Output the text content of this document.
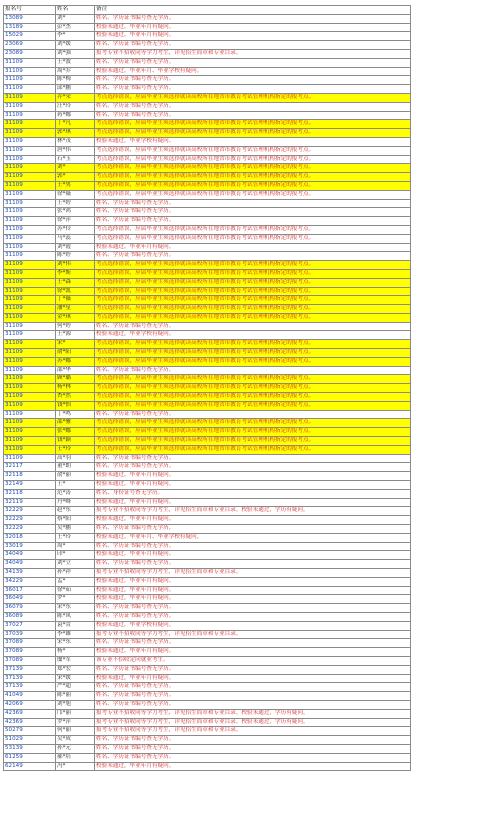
报名号	姓名	备注
13089	刘*	姓名、学历证书编号查无学历。
13189	彭*杰	校验未通过，毕业年月有疑问。
15029	李*	校验未通过，毕业年月有疑问。
23069	刘*媛	姓名、学历证书编号查无学历。
23089	刘*强	报考专业不招收同等学力考生，详见招生简章和专业目录。
31109	王*波	姓名、学历证书编号查无学历。
31109	周*乔	校验未通过，毕业年月、毕业学校有疑问。
31109	陈*梅	姓名、学历证书编号查无学历。
31109	邱*鹏	姓名、学历证书编号查无学历。
31109	乔*荣	考点选择错误，应届毕业生须选择就读高校所在地省市教育考试管理机构指定的报考点。
31109	汪*玲	姓名、学历证书编号查无学历。
31109	蒋*娜	姓名、学历证书编号查无学历。
31109	丁*凡	考点选择错误，应届毕业生须选择就读高校所在地省市教育考试管理机构指定的报考点。
31109	郭*琪	考点选择错误，应届毕业生须选择就读高校所在地省市教育考试管理机构指定的报考点。
31109	林*茂	校验未通过，毕业学校有疑问。
31109	唐*伟	考点选择错误，应届毕业生须选择就读高校所在地省市教育考试管理机构指定的报考点。
31109	石*玉	考点选择错误，应届毕业生须选择就读高校所在地省市教育考试管理机构指定的报考点。
31109	刘*	考点选择错误，应届毕业生须选择就读高校所在地省市教育考试管理机构指定的报考点。
31109	郭*	考点选择错误，应届毕业生须选择就读高校所在地省市教育考试管理机构指定的报考点。
31109	王*男	考点选择错误，应届毕业生须选择就读高校所在地省市教育考试管理机构指定的报考点。
31109	徐*薇	考点选择错误，应届毕业生须选择就读高校所在地省市教育考试管理机构指定的报考点。
31109	王*婷	姓名、学历证书编号查无学历。
31109	张*鸿	姓名、学历证书编号查无学历。
31109	徐*萍	姓名、学历证书编号查无学历。
31109	苏*伶	考点选择错误，应届毕业生须选择就读高校所在地省市教育考试管理机构指定的报考点。
31109	马*蕊	考点选择错误，应届毕业生须选择就读高校所在地省市教育考试管理机构指定的报考点。
31109	刘*霞	校验未通过，毕业年月有疑问。
31109	陈*婷	姓名、学历证书编号查无学历。
31109	刘*伟	考点选择错误，应届毕业生须选择就读高校所在地省市教育考试管理机构指定的报考点。
31109	李*斯	考点选择错误，应届毕业生须选择就读高校所在地省市教育考试管理机构指定的报考点。
31109	王*森	考点选择错误，应届毕业生须选择就读高校所在地省市教育考试管理机构指定的报考点。
31109	徐*凯	考点选择错误，应届毕业生须选择就读高校所在地省市教育考试管理机构指定的报考点。
31109	丁*薇	考点选择错误，应届毕业生须选择就读高校所在地省市教育考试管理机构指定的报考点。
31109	潘*星	考点选择错误，应届毕业生须选择就读高校所在地省市教育考试管理机构指定的报考点。
31109	金*琪	考点选择错误，应届毕业生须选择就读高校所在地省市教育考试管理机构指定的报考点。
31109	何*婷	姓名、学历证书编号查无学历。
31109	王*源	校验未通过，毕业学校有疑问。
31109	宋*	考点选择错误，应届毕业生须选择就读高校所在地省市教育考试管理机构指定的报考点。
31109	俞*阳	考点选择错误，应届毕业生须选择就读高校所在地省市教育考试管理机构指定的报考点。
31109	苏*娜	考点选择错误，应届毕业生须选择就读高校所在地省市教育考试管理机构指定的报考点。
31109	邵*华	姓名、学历证书编号查无学历。
31109	顾*璐	考点选择错误，应届毕业生须选择就读高校所在地省市教育考试管理机构指定的报考点。
31109	杨*林	考点选择错误，应届毕业生须选择就读高校所在地省市教育考试管理机构指定的报考点。
31109	杏*然	考点选择错误，应届毕业生须选择就读高校所在地省市教育考试管理机构指定的报考点。
31109	钱*怡	考点选择错误，应届毕业生须选择就读高校所在地省市教育考试管理机构指定的报考点。
31109	丁*鸣	姓名、学历证书编号查无学历。
31109	邵*雅	考点选择错误，应届毕业生须选择就读高校所在地省市教育考试管理机构指定的报考点。
31109	张*娜	考点选择错误，应届毕业生须选择就读高校所在地省市教育考试管理机构指定的报考点。
31109	钱*颖	考点选择错误，应届毕业生须选择就读高校所在地省市教育考试管理机构指定的报考点。
31109	王*玲	考点选择错误，应届毕业生须选择就读高校所在地省市教育考试管理机构指定的报考点。
31109	高*羽	姓名、学历证书编号查无学历。
32117	董*朗	姓名、学历证书编号查无学历。
32118	俞*丽	校验未通过，毕业年月有疑问。
32149	王*	校验未通过，毕业年月有疑问。
32118	范*涛	姓名、身份证号查无学历。
32119	丹*峰	校验未通过，毕业年月有疑问。
32229	赵*东	报考专业不招收同等学力考生，详见招生简章和专业目录。校验未通过，学历有疑问。
32229	蔡*阳	校验未通过，毕业年月有疑问。
32229	吴*鹏	姓名、学历证书编号查无学历。
32018	王*玲	校验未通过，毕业年月、毕业学校有疑问。
33019	周*	姓名、学历证书编号查无学历。
34049	印*	校验未通过，毕业年月有疑问。
34049	刘*立	姓名、学历证书编号查无学历。
34139	孙*祥	报考专业不招收同等学力考生，详见招生简章和专业目录。
34229	孟*	校验未通过，毕业年月有疑问。
36017	徐*茹	校验未通过，毕业年月有疑问。
36049	罗*	校验未通过，毕业年月有疑问。
36079	宋*东	姓名、学历证书编号查无学历。
36089	陈*凤	姓名、学历证书编号查无学历。
37027	袁*萱	校验未通过，毕业学校有疑问。
37039	李*雄	报考专业不招收同等学力考生，详见招生简章和专业目录。
37089	宋*东	姓名、学历证书编号查无学历。
37089	杨*	校验未通过，毕业年月有疑问。
37089	糜*军	该专业不招收定向就业考生。
37139	郑*宏	姓名、学历证书编号查无学历。
37139	宋*媛	校验未通过，毕业年月有疑问。
37139	严*超	姓名、学历证书编号查无学历。
41049	陈*丽	姓名、学历证书编号查无学历。
42069	刘*旭	姓名、学历证书编号查无学历。
42369	邝*丽	报考专业不招收同等学力考生，详见招生简章和专业目录。校验未通过，学历有疑问。
42369	罗*萍	报考专业不招收同等学力考生，详见招生简章和专业目录。校验未通过，学历有疑问。
50279	何*丽	报考专业不招收同等学力考生，详见招生简章和专业目录。
51029	吴*成	姓名、学历证书编号查无学历。
53139	孙*元	姓名、学历证书编号查无学历。
61259	郝*培	姓名、学历证书编号查无学历。
62149	冯*	校验未通过，毕业年月有疑问。
